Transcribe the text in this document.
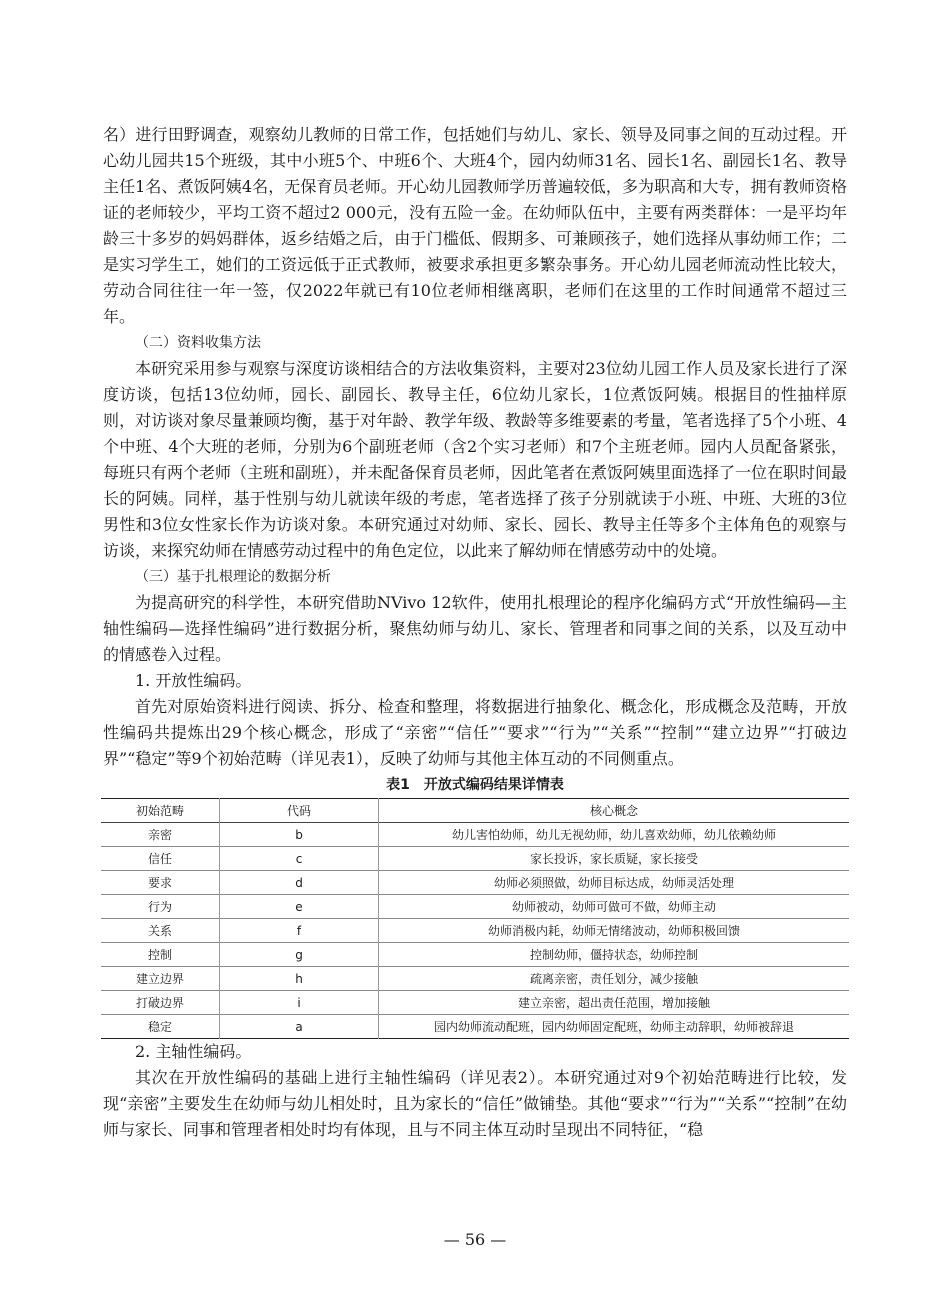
名）进行田野调查，观察幼儿教师的日常工作，包括她们与幼儿、家长、领导及同事之间的互动过程。开心幼儿园共15个班级，其中小班5个、中班6个、大班4个，园内幼师31名、园长1名、副园长1名、教导主任1名、煮饭阿姨4名，无保育员老师。开心幼儿园教师学历普遍较低，多为职高和大专，拥有教师资格证的老师较少，平均工资不超过2 000元，没有五险一金。在幼师队伍中，主要有两类群体：一是平均年龄三十多岁的妈妈群体，返乡结婚之后，由于门槛低、假期多、可兼顾孩子，她们选择从事幼师工作；二是实习学生工，她们的工资远低于正式教师，被要求承担更多繁杂事务。开心幼儿园老师流动性比较大，劳动合同往往一年一签，仅2022年就已有10位老师相继离职，老师们在这里的工作时间通常不超过三年。

（二）资料收集方法

本研究采用参与观察与深度访谈相结合的方法收集资料，主要对23位幼儿园工作人员及家长进行了深度访谈，包括13位幼师，园长、副园长、教导主任，6位幼儿家长，1位煮饭阿姨。根据目的性抽样原则，对访谈对象尽量兼顾均衡，基于对年龄、教学年级、教龄等多维要素的考量，笔者选择了5个小班、4个中班、4个大班的老师，分别为6个副班老师（含2个实习老师）和7个主班老师。园内人员配备紧张，每班只有两个老师（主班和副班），并未配备保育员老师，因此笔者在煮饭阿姨里面选择了一位在职时间最长的阿姨。同样，基于性别与幼儿就读年级的考虑，笔者选择了孩子分别就读于小班、中班、大班的3位男性和3位女性家长作为访谈对象。本研究通过对幼师、家长、园长、教导主任等多个主体角色的观察与访谈，来探究幼师在情感劳动过程中的角色定位，以此来了解幼师在情感劳动中的处境。

（三）基于扎根理论的数据分析

为提高研究的科学性，本研究借助NVivo 12软件，使用扎根理论的程序化编码方式“开放性编码—主轴性编码—选择性编码”进行数据分析，聚焦幼师与幼儿、家长、管理者和同事之间的关系，以及互动中的情感卷入过程。

1. 开放性编码。

首先对原始资料进行阅读、拆分、检查和整理，将数据进行抽象化、概念化，形成概念及范畴，开放性编码共提炼出29个核心概念，形成了“亲密”“信任”“要求”“行为”“关系”“控制”“建立边界”“打破边界”“稳定”等9个初始范畴（详见表1），反映了幼师与其他主体互动的不同侧重点。

表1　开放式编码结果详情表
初始范畴	代码	核心概念
亲密	b	幼儿害怕幼师，幼儿无视幼师，幼儿喜欢幼师，幼儿依赖幼师
信任	c	家长投诉，家长质疑，家长接受
要求	d	幼师必须照做，幼师目标达成，幼师灵活处理
行为	e	幼师被动，幼师可做可不做，幼师主动
关系	f	幼师消极内耗，幼师无情绪波动，幼师积极回馈
控制	g	控制幼师，僵持状态，幼师控制
建立边界	h	疏离亲密，责任划分，减少接触
打破边界	i	建立亲密，超出责任范围，增加接触
稳定	a	园内幼师流动配班，园内幼师固定配班，幼师主动辞职，幼师被辞退

2. 主轴性编码。

其次在开放性编码的基础上进行主轴性编码（详见表2）。本研究通过对9个初始范畴进行比较，发现“亲密”主要发生在幼师与幼儿相处时，且为家长的“信任”做铺垫。其他“要求”“行为”“关系”“控制”在幼师与家长、同事和管理者相处时均有体现，且与不同主体互动时呈现出不同特征，“稳

— 56 —
